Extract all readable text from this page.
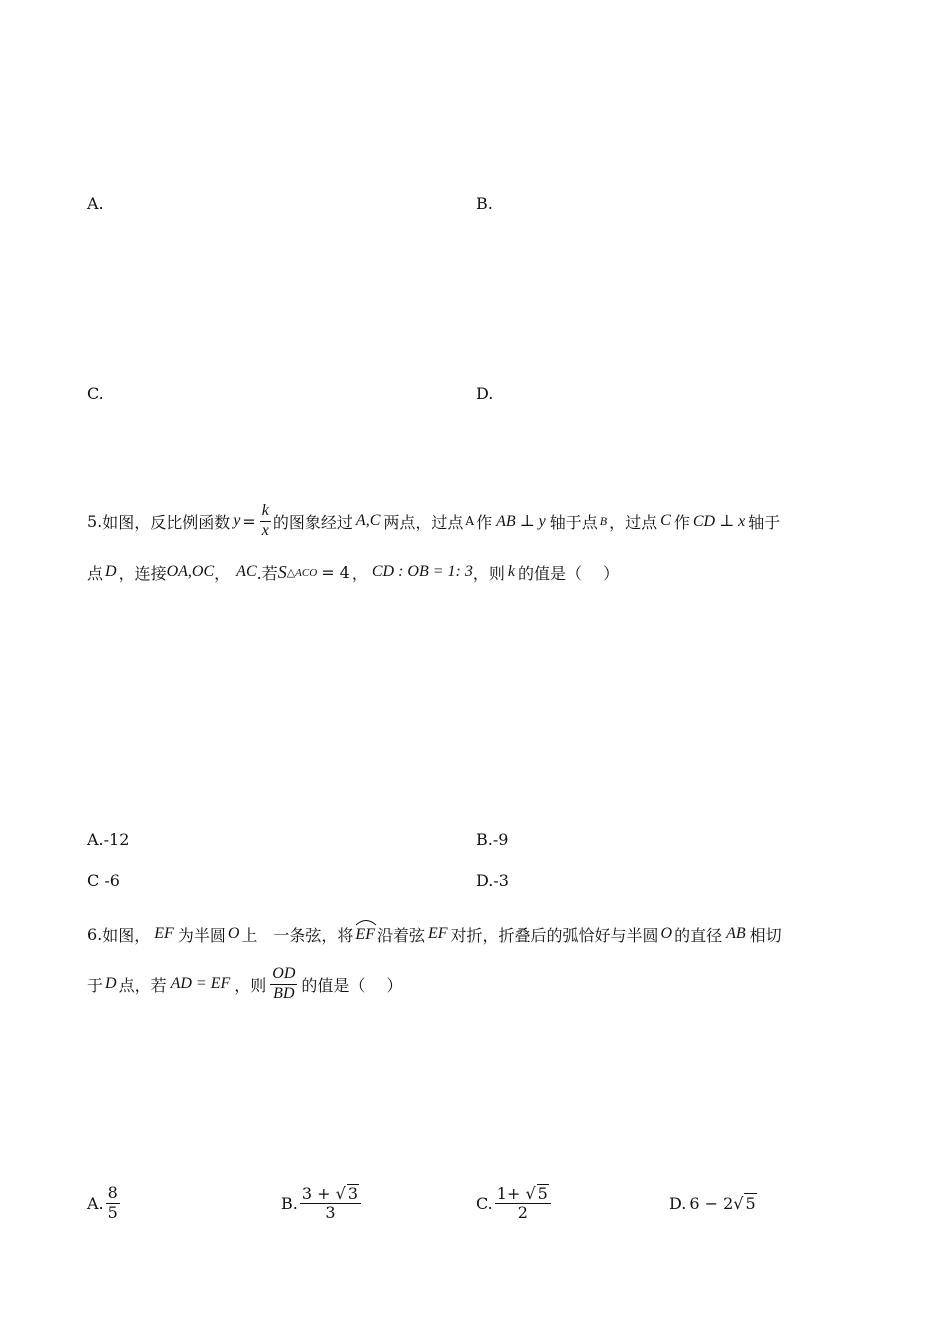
A.	B.
C.	D.
5. 如图，反比例函数 $y = \frac{k}{x}$ 的图象经过 A,C 两点，过点 A 作 AB ⊥ y 轴于点 B ，过点 C 作 CD ⊥ x 轴于
点 D ，连接 OA,OC ， AC .若 S △ACO = 4 ， CD : OB = 1: 3 ，则 k 的值是（　 ）
A.-12	B.-9
C -6	D.-3
6. 如图， EF 为半圆 O 上　一条弦，将 EF 沿着弦 EF 对折，折叠后的弧恰好与半圆 O 的直径 AB 相切
于 D 点，若 AD = EF ，则 $\frac{OD}{BD}$ 的值是（　 ）
A. $\frac{8}{5}$	B. $\frac{3 + √ 3}{3}$	C. $\frac{1+ √ 5}{2}$	D. 6 − 2 √ 5
